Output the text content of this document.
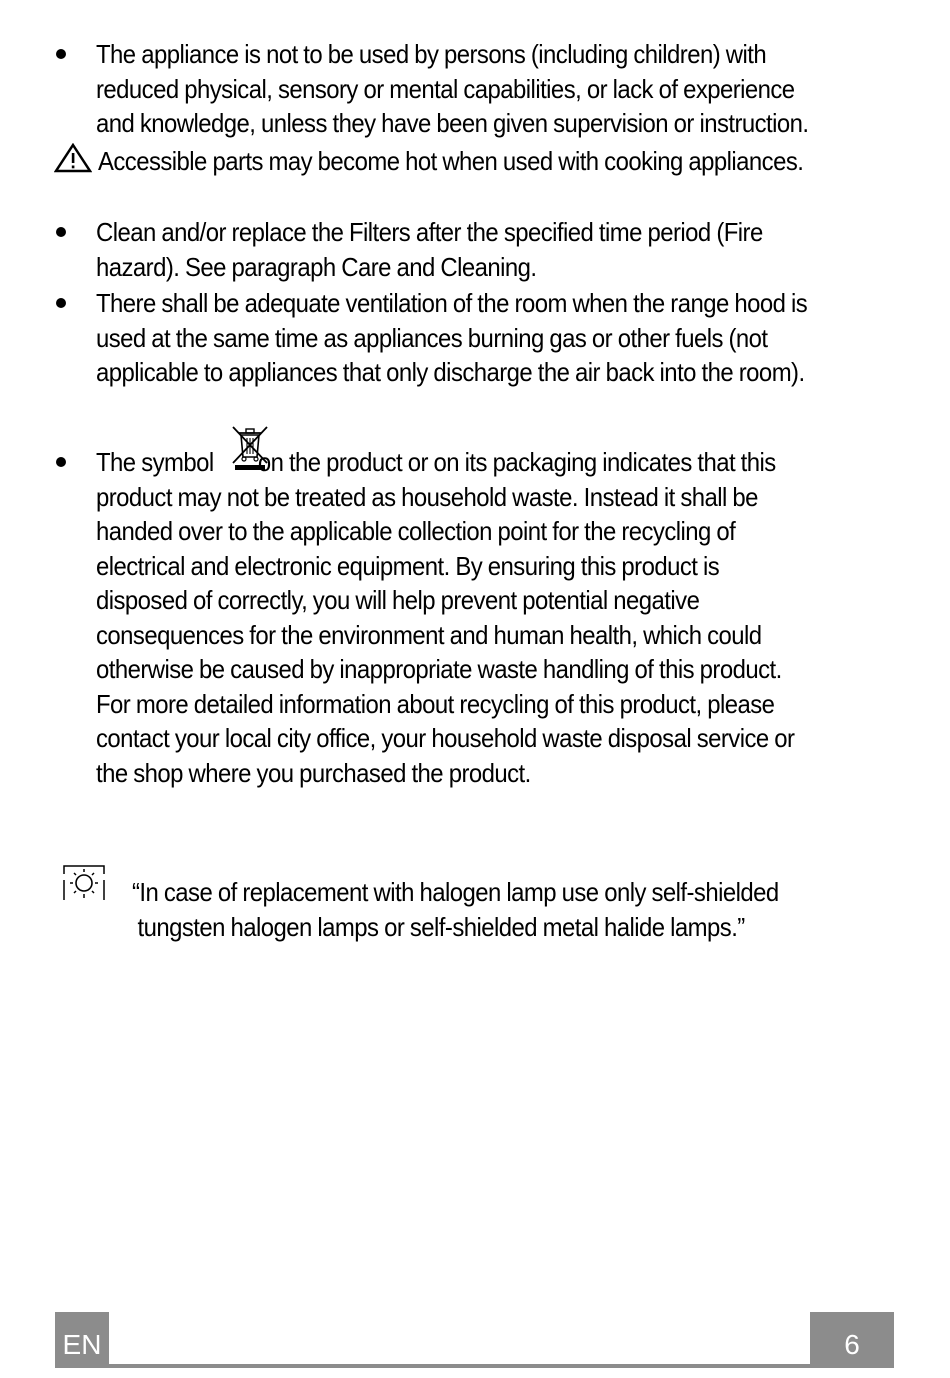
The appliance is not to be used by persons (including children) with
reduced physical, sensory or mental capabilities, or lack of experience
and knowledge, unless they have been given supervision or instruction.
Accessible parts may become hot when used with cooking appliances.
Clean and/or replace the Filters after the specified time period (Fire
hazard). See paragraph Care and Cleaning.
There shall be adequate ventilation of the room when the range hood is
used at the same time as appliances burning gas or other fuels (not
applicable to appliances that only discharge the air back into the room).
The symbol on the product or on its packaging indicates that this
product may not be treated as household waste. Instead it shall be
handed over to the applicable collection point for the recycling of
electrical and electronic equipment. By ensuring this product is
disposed of correctly, you will help prevent potential negative
consequences for the environment and human health, which could
otherwise be caused by inappropriate waste handling of this product.
For more detailed information about recycling of this product, please
contact your local city office, your household waste disposal service or
the shop where you purchased the product.
“In case of replacement with halogen lamp use only self-shielded
tungsten halogen lamps or self-shielded metal halide lamps.”
EN	6
